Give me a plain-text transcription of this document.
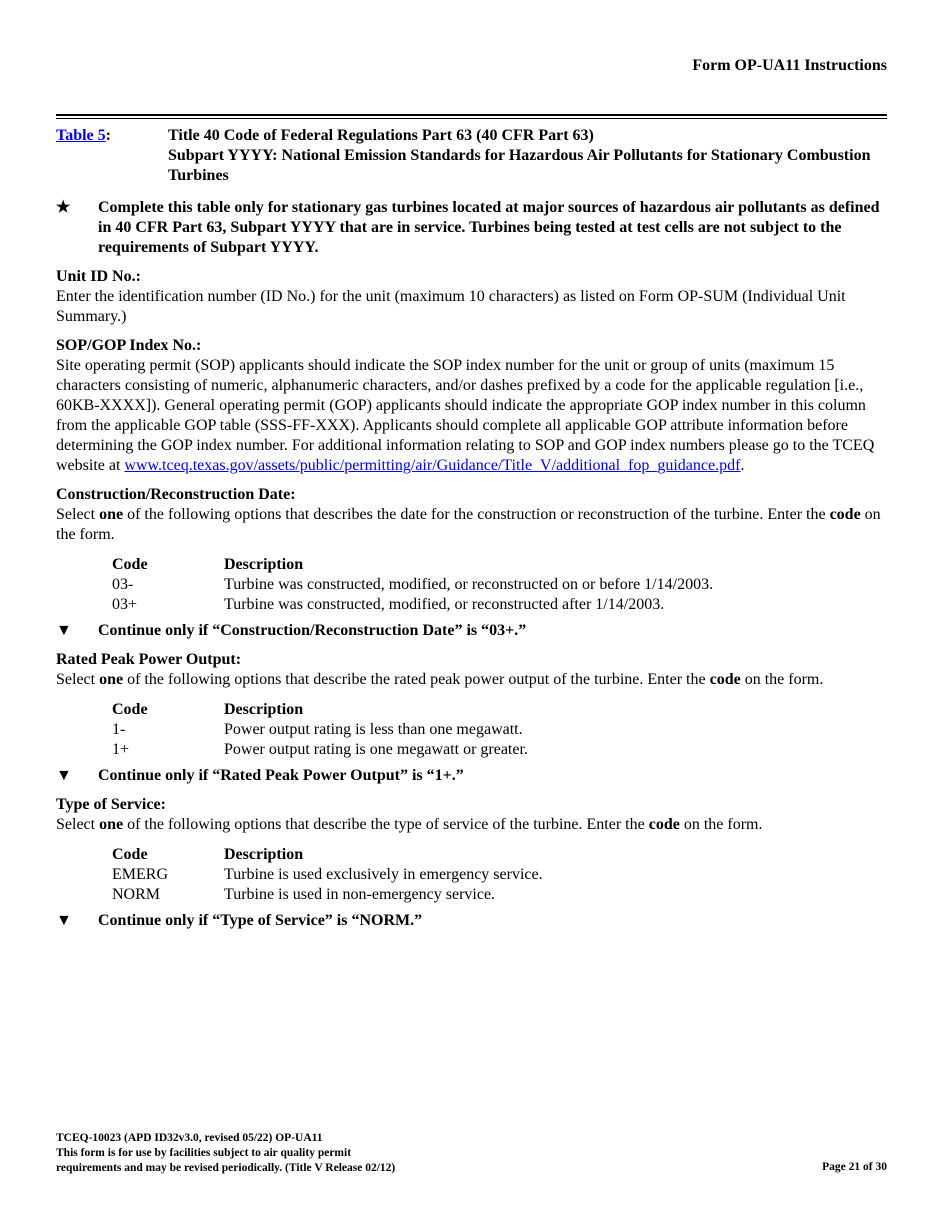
Form OP-UA11 Instructions
Table 5:	Title 40 Code of Federal Regulations Part 63 (40 CFR Part 63)
Subpart YYYY: National Emission Standards for Hazardous Air Pollutants for Stationary Combustion Turbines
★	Complete this table only for stationary gas turbines located at major sources of hazardous air pollutants as defined in 40 CFR Part 63, Subpart YYYY that are in service. Turbines being tested at test cells are not subject to the requirements of Subpart YYYY.
Unit ID No.:
Enter the identification number (ID No.) for the unit (maximum 10 characters) as listed on Form OP-SUM (Individual Unit Summary.)
SOP/GOP Index No.:
Site operating permit (SOP) applicants should indicate the SOP index number for the unit or group of units (maximum 15 characters consisting of numeric, alphanumeric characters, and/or dashes prefixed by a code for the applicable regulation [i.e., 60KB-XXXX]). General operating permit (GOP) applicants should indicate the appropriate GOP index number in this column from the applicable GOP table (SSS-FF-XXX). Applicants should complete all applicable GOP attribute information before determining the GOP index number. For additional information relating to SOP and GOP index numbers please go to the TCEQ website at www.tceq.texas.gov/assets/public/permitting/air/Guidance/Title_V/additional_fop_guidance.pdf.
Construction/Reconstruction Date:
Select one of the following options that describes the date for the construction or reconstruction of the turbine. Enter the code on the form.
Code	Description
03-	Turbine was constructed, modified, or reconstructed on or before 1/14/2003.
03+	Turbine was constructed, modified, or reconstructed after 1/14/2003.
▼	Continue only if “Construction/Reconstruction Date” is “03+.”
Rated Peak Power Output:
Select one of the following options that describe the rated peak power output of the turbine. Enter the code on the form.
Code	Description
1-	Power output rating is less than one megawatt.
1+	Power output rating is one megawatt or greater.
▼	Continue only if “Rated Peak Power Output” is “1+.”
Type of Service:
Select one of the following options that describe the type of service of the turbine. Enter the code on the form.
Code	Description
EMERG	Turbine is used exclusively in emergency service.
NORM	Turbine is used in non-emergency service.
▼	Continue only if “Type of Service” is “NORM.”
TCEQ-10023 (APD ID32v3.0, revised 05/22) OP-UA11
This form is for use by facilities subject to air quality permit
requirements and may be revised periodically. (Title V Release 02/12)	Page 21 of 30
